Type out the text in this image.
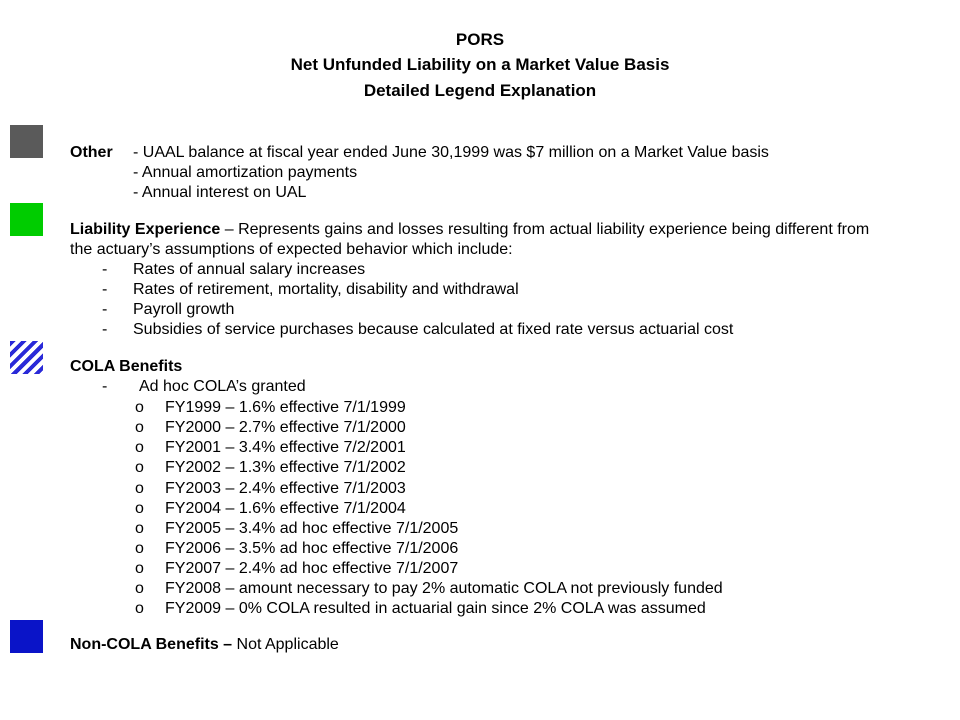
PORS
Net Unfunded Liability on a Market Value Basis
Detailed Legend Explanation
Other - UAAL balance at fiscal year ended June 30,1999 was $7 million on a Market Value basis
- Annual amortization payments
- Annual interest on UAL
Liability Experience – Represents gains and losses resulting from actual liability experience being different from
the actuary’s assumptions of expected behavior which include:
- Rates of annual salary increases
- Rates of retirement, mortality, disability and withdrawal
- Payroll growth
- Subsidies of service purchases because calculated at fixed rate versus actuarial cost
COLA Benefits
- Ad hoc COLA’s granted
o FY1999 – 1.6% effective 7/1/1999
o FY2000 – 2.7% effective 7/1/2000
o FY2001 – 3.4% effective 7/2/2001
o FY2002 – 1.3% effective 7/1/2002
o FY2003 – 2.4% effective 7/1/2003
o FY2004 – 1.6% effective 7/1/2004
o FY2005 – 3.4% ad hoc effective 7/1/2005
o FY2006 – 3.5% ad hoc effective 7/1/2006
o FY2007 – 2.4% ad hoc effective 7/1/2007
o FY2008 – amount necessary to pay 2% automatic COLA not previously funded
o FY2009 – 0% COLA resulted in actuarial gain since 2% COLA was assumed
Non-COLA Benefits – Not Applicable
